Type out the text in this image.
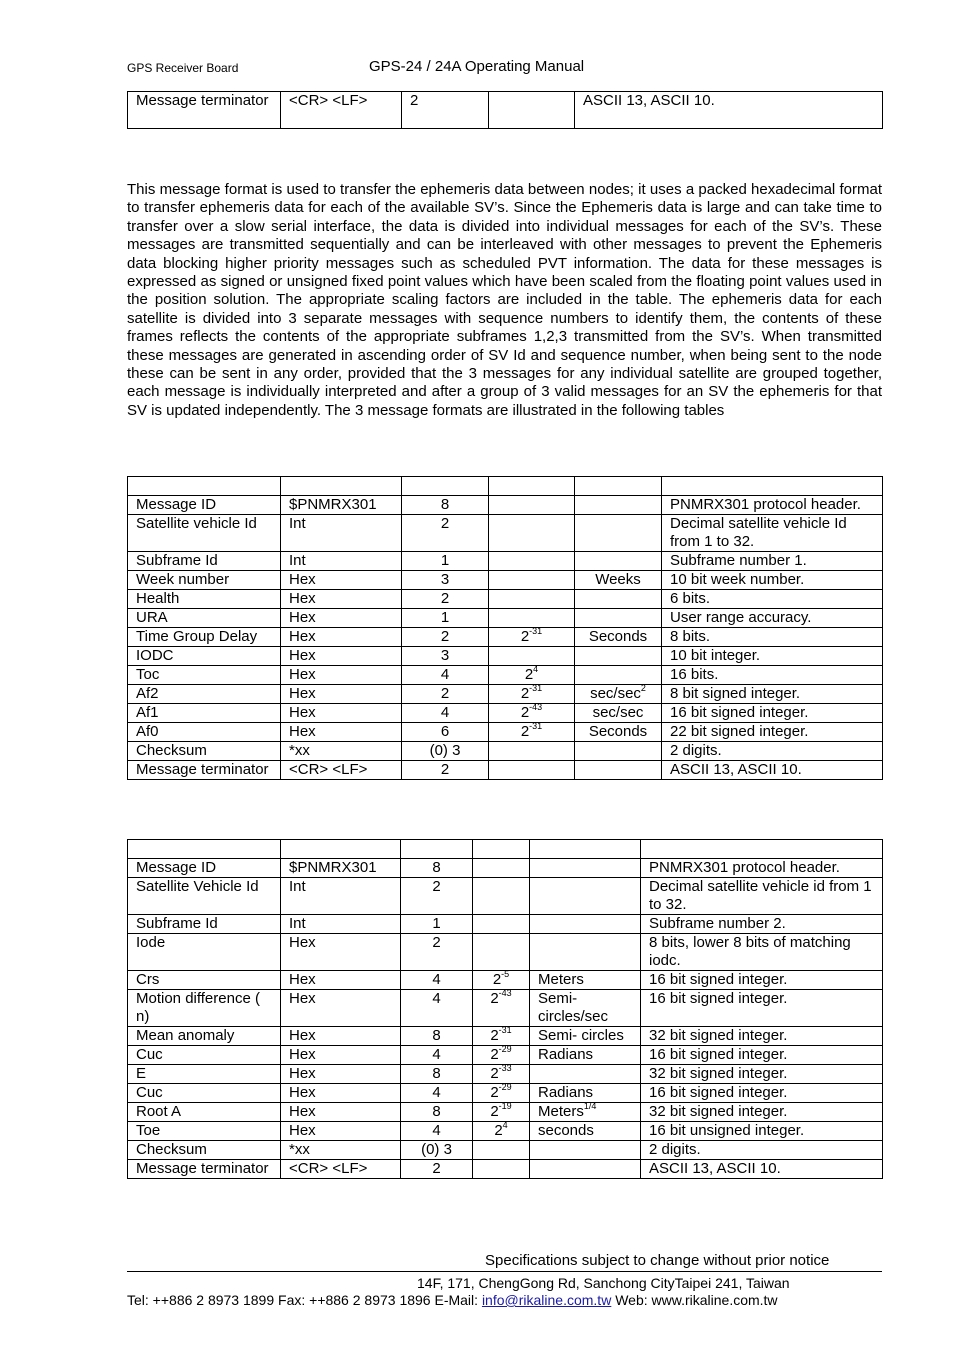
GPS Receiver Board	GPS-24 / 24A Operating Manual
Message terminator	<CR> <LF>	2			ASCII 13, ASCII 10.

This message format is used to transfer the ephemeris data between nodes; it uses a packed hexadecimal format to transfer ephemeris data for each of the available SV’s. Since the Ephemeris data is large and can take time to transfer over a slow serial interface, the data is divided into individual messages for each of the SV’s. These messages are transmitted sequentially and can be interleaved with other messages to prevent the Ephemeris data blocking higher priority messages such as scheduled PVT information. The data for these messages is expressed as signed or unsigned fixed point values which have been scaled from the floating point values used in the position solution. The appropriate scaling factors are included in the table. The ephemeris data for each satellite is divided into 3 separate messages with sequence numbers to identify them, the contents of these frames reflects the contents of the appropriate subframes 1,2,3 transmitted from the SV’s. When transmitted these messages are generated in ascending order of SV Id and sequence number, when being sent to the node these can be sent in any order, provided that the 3 messages for any individual satellite are grouped together, each message is individually interpreted and after a group of 3 valid messages for an SV the ephemeris for that SV is updated independently. The 3 message formats are illustrated in the following tables

Message ID	$PNMRX301	8			PNMRX301 protocol header.
Satellite vehicle Id	Int	2			Decimal satellite vehicle Id from 1 to 32.
Subframe Id	Int	1			Subframe number 1.
Week number	Hex	3		Weeks	10 bit week number.
Health	Hex	2			6 bits.
URA	Hex	1			User range accuracy.
Time Group Delay	Hex	2	$2^{-31}$	Seconds	8 bits.
IODC	Hex	3			10 bit integer.
Toc	Hex	4	$2^4$		16 bits.
Af2	Hex	2	$2^{-31}$	$\sec/\sec^2$	8 bit signed integer.
Af1	Hex	4	$2^{-43}$	sec/sec	16 bit signed integer.
Af0	Hex	6	$2^{-31}$	Seconds	22 bit signed integer.
Checksum	*xx	(0) 3			2 digits.
Message terminator	<CR> <LF>	2			ASCII 13, ASCII 10.

Message ID	$PNMRX301	8			PNMRX301 protocol header.
Satellite Vehicle Id	Int	2			Decimal satellite vehicle id from 1 to 32.
Subframe Id	Int	1			Subframe number 2.
Iode	Hex	2			8 bits, lower 8 bits of matching iodc.
Crs	Hex	4	$2^{-5}$	Meters	16 bit signed integer.
Motion difference ( n)	Hex	4	$2^{-43}$	Semi-circles/sec	16 bit signed integer.
Mean anomaly	Hex	8	$2^{-31}$	Semi- circles	32 bit signed integer.
Cuc	Hex	4	$2^{-29}$	Radians	16 bit signed integer.
E	Hex	8	$2^{-33}$		32 bit signed integer.
Cuc	Hex	4	$2^{-29}$	Radians	16 bit signed integer.
Root A	Hex	8	$2^{-19}$	Meters$^{1/4}$	32 bit signed integer.
Toe	Hex	4	$2^4$	seconds	16 bit unsigned integer.
Checksum	*xx	(0) 3			2 digits.
Message terminator	<CR> <LF>	2			ASCII 13, ASCII 10.
Specifications subject to change without prior notice
14F, 171, ChengGong Rd, Sanchong CityTaipei 241, Taiwan
Tel: ++886 2 8973 1899 Fax: ++886 2 8973 1896 E-Mail: info@rikaline.com.tw Web: www.rikaline.com.tw
